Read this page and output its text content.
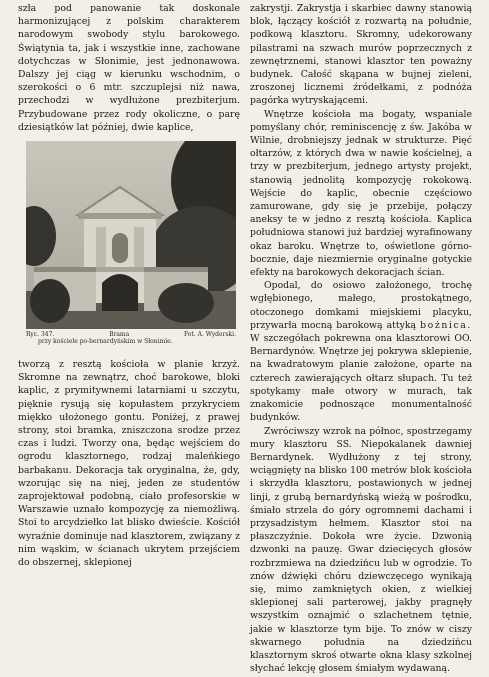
szła pod panowanie tak doskonale harmonizującej z polskim charakterem narodowym swobody stylu barokowego. Świątynia ta, jak i wszystkie inne, zachowane dotychczas w Słonimie, jest jednonawowa. Dalszy jej ciąg w kierunku wschodnim, o szerokości o 6 mtr. szczuplejsi niż nawa, przechodzi w wydłużone prezbiterjum. Przybudowane przez rody okoliczne, o parę dziesiątków lat później, dwie kaplice,

Ryc. 347.	Brama	Fot. A. Wyderski.
przy kościele po-bernardyńskim w Słonimie.

tworzą z resztą kościoła w planie krzyż. Skromne na zewnątrz, choć barokowe, bloki kaplic, z prymitywnemi latarniami u szczytu, pięknie rysują się kopułastem przykryciem miękko ułożonego gontu. Poniżej, z prawej strony, stoi bramka, zniszczona srodze przez czas i ludzi. Tworzy ona, będąc wejściem do ogrodu klasztornego, rodzaj maleńkiego barbakanu. Dekoracja tak oryginalna, że, gdy, wzorując się na niej, jeden ze studentów zaprojektował podobną, ciało profesorskie w Warszawie uznało kompozycję za niemożliwą. Stoi to arcydziełko lat blisko dwieście. Kościół wyraźnie dominuje nad klasztorem, związany z nim wąskim, w ścianach ukrytem przejściem do obszernej, sklepionej

zakrystji. Zakrystja i skarbiec dawny stanowią blok, łączący kościół z rozwartą na południe, podkową klasztoru. Skromny, udekorowany pilastrami na szwach murów poprzecznych z zewnętrznemi, stanowi klasztor ten poważny budynek. Całość skąpana w bujnej zieleni, zroszonej licznemi źródełkami, z podnóża pagórka wytryskającemi.

Wnętrze kościoła ma bogaty, wspaniale pomyślany chór, reminiscencję z św. Jakóba w Wilnie, drobniejszy jednak w strukturze. Pięć ołtarzów, z których dwa w nawie kościelnej, a trzy w prezbiterjum, jednego artysty projekt, stanowią jednolitą kompozycję rokokową. Wejście do kaplic, obecnie częściowo zamurowane, gdy się je przebije, połączy aneksy te w jedno z resztą kościoła. Kaplica południowa stanowi już bardziej wyrafinowany okaz baroku. Wnętrze to, oświetlone górno-bocznie, daje niezmiernie oryginalne gotyckie efekty na barokowych dekoracjach ścian.

Opodal, do osiowo założonego, trochę wgłębionego, małego, prostokątnego, otoczonego domkami miejskiemi placyku, przywarła mocną barokową attyką bożnica. W szczegółach pokrewna ona klasztorowi OO. Bernardynów. Wnętrze jej pokrywa sklepienie, na kwadratowym planie założone, oparte na czterech zawierających ołtarz słupach. Tu też spotykamy małe otwory w murach, tak znakomicie podnoszące monumentalność budynków.

Zwróciwszy wzrok na północ, spostrzegamy mury klasztoru SS. Niepokalanek dawniej Bernardynek. Wydłużony z tej strony, wciągnięty na blisko 100 metrów blok kościoła i skrzydła klasztoru, postawionych w jednej linji, z grubą bernardyńską wieżą w pośrodku, śmiało strzela do góry ogromnemi dachami i przysadzistym hełmem. Klasztor stoi na płaszczyźnie. Dokoła wre życie. Dzwonią dzwonki na pauzę. Gwar dziecięcych głosów rozbrzmiewa na dziedzińcu lub w ogrodzie. To znów dźwięki chóru dziewczęcego wynikają się, mimo zamkniętych okien, z wielkiej sklepionej sali parterowej, jakby pragnęły wszystkim oznajmić o szlachetnem tętnie, jakie w klasztorze tym bije. To znów w ciszy skwarnego południa na dziedzińcu klasztornym skroś otwarte okna klasy szkolnej słychać lekcję głosem śmiałym wydawaną.
